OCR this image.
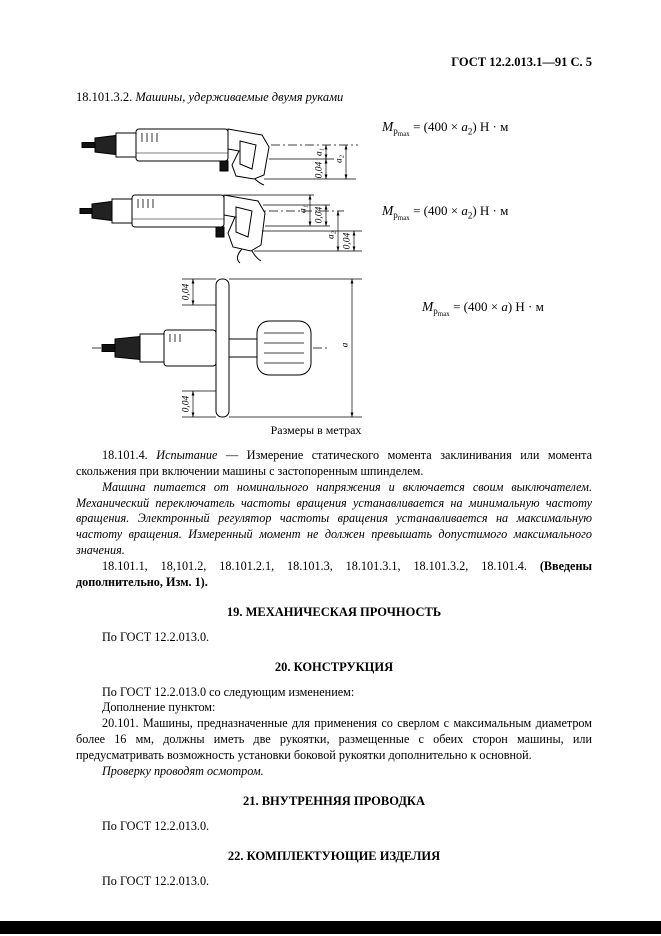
ГОСТ 12.2.013.1—91 С. 5
18.101.3.2. Машины, удерживаемые двумя руками
a₁
a₂
0,04
$M_{р_{max}} = (400 \times a_2) Н \cdot м$
a₁ 0,04
a₂ 0,04
$M_{р_{max}} = (400 \times a_2) Н \cdot м$
0,04
0,04
a
$M_{р_{max}} = (400 \times a) Н \cdot м$
Размеры в метрах

18.101.4. Испытание — Измерение статического момента заклинивания или момента скольжения при включении машины с застопоренным шпинделем.

Машина питается от номинального напряжения и включается своим выключателем. Механический переключатель частоты вращения устанавливается на минимальную частоту вращения. Электронный регулятор частоты вращения устанавливается на максимальную частоту вращения. Измеренный момент не должен превышать допустимого максимального значения.

18.101.1, 18,101.2, 18.101.2.1, 18.101.3, 18.101.3.1, 18.101.3.2, 18.101.4. (Введены дополнительно, Изм. 1).

19. МЕХАНИЧЕСКАЯ ПРОЧНОСТЬ

По ГОСТ 12.2.013.0.

20. КОНСТРУКЦИЯ

По ГОСТ 12.2.013.0 со следующим изменением:

Дополнение пунктом:

20.101. Машины, предназначенные для применения со сверлом с максимальным диаметром более 16 мм, должны иметь две рукоятки, размещенные с обеих сторон машины, или предусматривать возможность установки боковой рукоятки дополнительно к основной.

Проверку проводят осмотром.

21. ВНУТРЕННЯЯ ПРОВОДКА

По ГОСТ 12.2.013.0.

22. КОМПЛЕКТУЮЩИЕ ИЗДЕЛИЯ

По ГОСТ 12.2.013.0.
